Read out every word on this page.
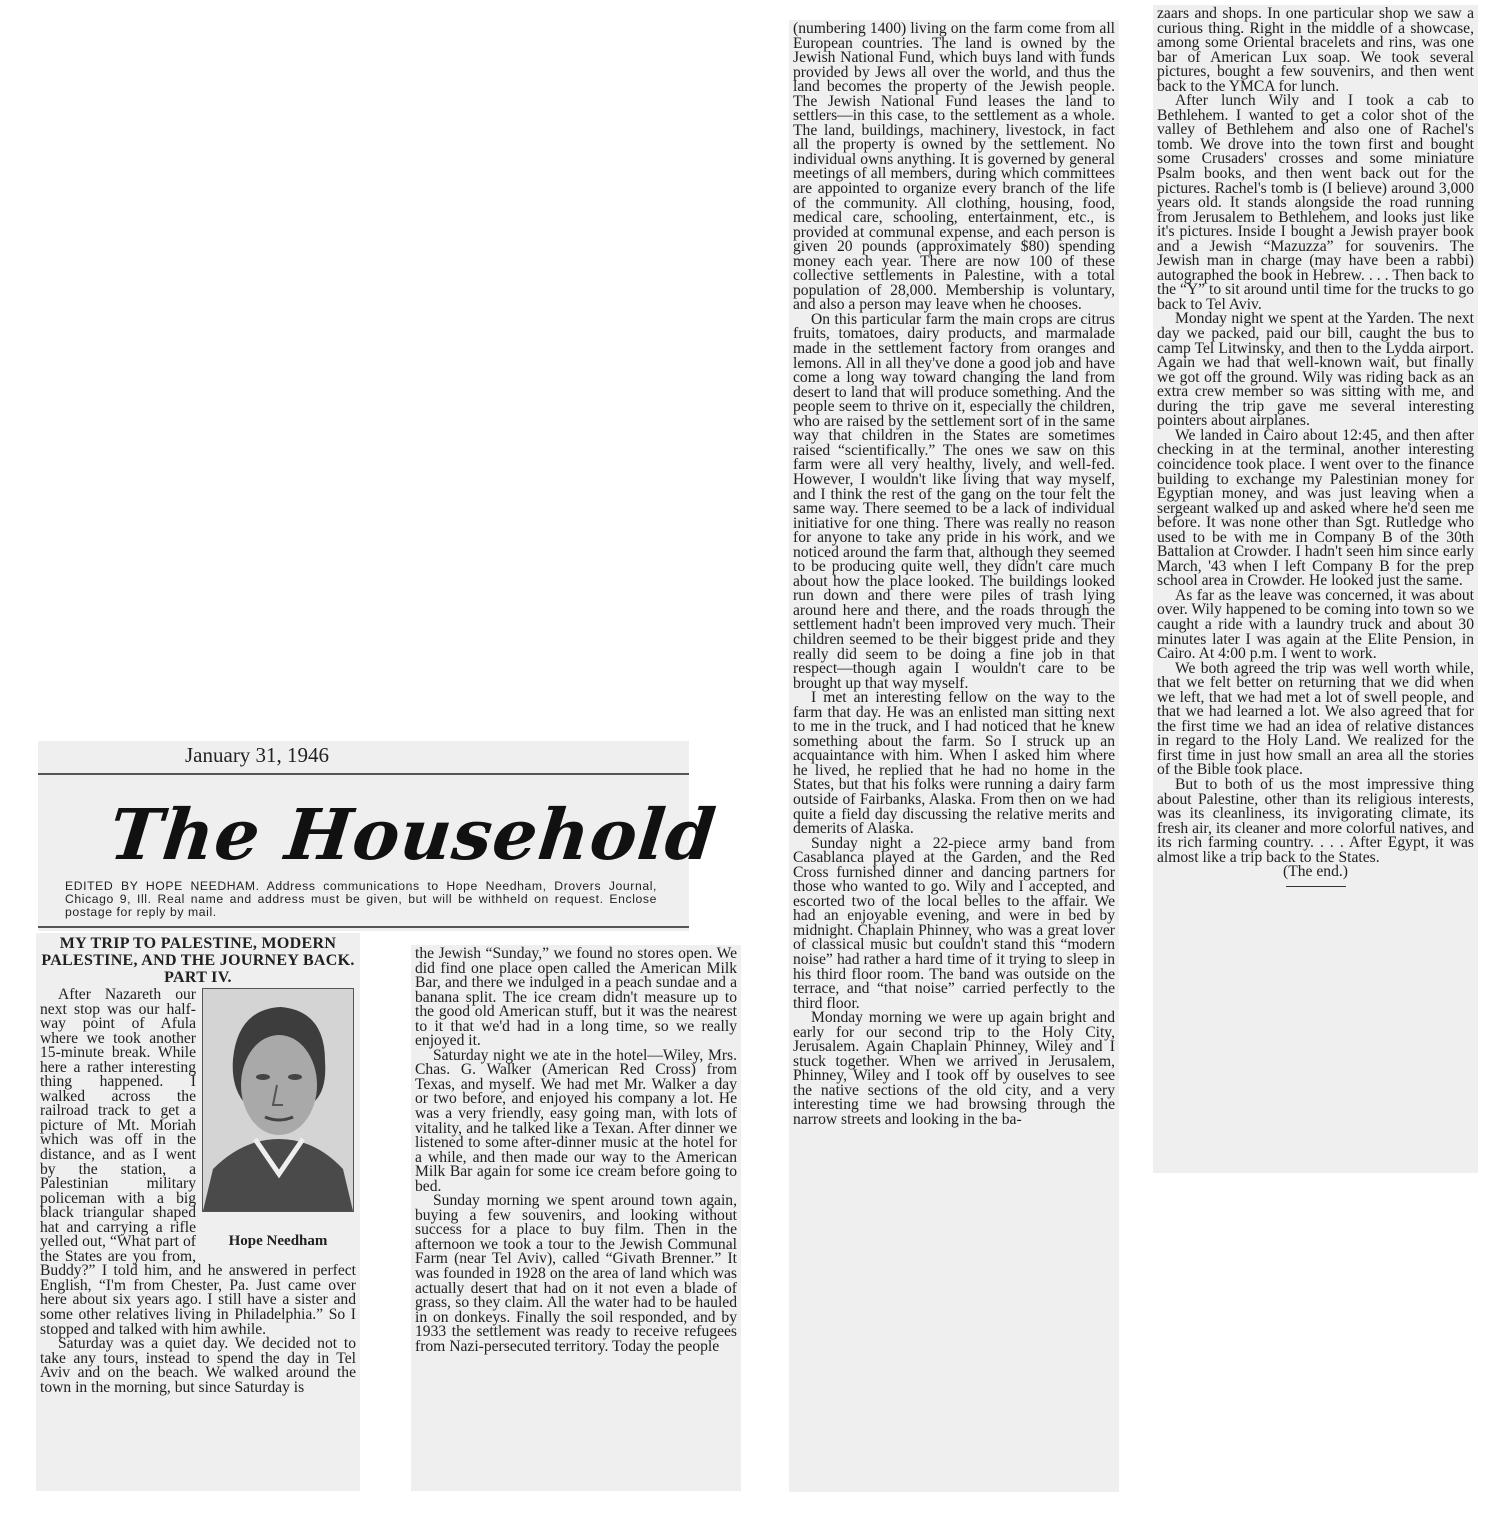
January 31, 1946
The Household
EDITED BY HOPE NEEDHAM. Address communications to Hope Needham, Drovers Journal, Chicago 9, Ill. Real name and address must be given, but will be withheld on request. Enclose postage for reply by mail.
MY TRIP TO PALESTINE, MODERN PALESTINE, AND THE JOURNEY BACK. PART IV.
Hope Needham

After Nazareth our next stop was our half-way point of Afula where we took another 15-minute break. While here a rather interesting thing happened. I walked across the railroad track to get a picture of Mt. Moriah which was off in the distance, and as I went by the station, a Palestinian military policeman with a big black triangular shaped hat and carrying a rifle yelled out, “What part of the States are you from, Buddy?” I told him, and he answered in perfect English, “I'm from Chester, Pa. Just came over here about six years ago. I still have a sister and some other relatives living in Philadelphia.” So I stopped and talked with him awhile.

Saturday was a quiet day. We decided not to take any tours, instead to spend the day in Tel Aviv and on the beach. We walked around the town in the morning, but since Saturday is

the Jewish “Sunday,” we found no stores open. We did find one place open called the American Milk Bar, and there we indulged in a peach sundae and a banana split. The ice cream didn't measure up to the good old American stuff, but it was the nearest to it that we'd had in a long time, so we really enjoyed it.

Saturday night we ate in the hotel—Wiley, Mrs. Chas. G. Walker (American Red Cross) from Texas, and myself. We had met Mr. Walker a day or two before, and enjoyed his company a lot. He was a very friendly, easy going man, with lots of vitality, and he talked like a Texan. After dinner we listened to some after-dinner music at the hotel for a while, and then made our way to the American Milk Bar again for some ice cream before going to bed.

Sunday morning we spent around town again, buying a few souvenirs, and looking without success for a place to buy film. Then in the afternoon we took a tour to the Jewish Communal Farm (near Tel Aviv), called “Givath Brenner.” It was founded in 1928 on the area of land which was actually desert that had on it not even a blade of grass, so they claim. All the water had to be hauled in on donkeys. Finally the soil responded, and by 1933 the settlement was ready to receive refugees from Nazi-persecuted territory. Today the people

(numbering 1400) living on the farm come from all European countries. The land is owned by the Jewish National Fund, which buys land with funds provided by Jews all over the world, and thus the land becomes the property of the Jewish people. The Jewish National Fund leases the land to settlers—in this case, to the settlement as a whole. The land, buildings, machinery, livestock, in fact all the property is owned by the settlement. No individual owns anything. It is governed by general meetings of all members, during which committees are appointed to organize every branch of the life of the community. All clothing, housing, food, medical care, schooling, entertainment, etc., is provided at communal expense, and each person is given 20 pounds (approximately $80) spending money each year. There are now 100 of these collective settlements in Palestine, with a total population of 28,000. Membership is voluntary, and also a person may leave when he chooses.

On this particular farm the main crops are citrus fruits, tomatoes, dairy products, and marmalade made in the settlement factory from oranges and lemons. All in all they've done a good job and have come a long way toward changing the land from desert to land that will produce something. And the people seem to thrive on it, especially the children, who are raised by the settlement sort of in the same way that children in the States are sometimes raised “scientifically.” The ones we saw on this farm were all very healthy, lively, and well-fed. However, I wouldn't like living that way myself, and I think the rest of the gang on the tour felt the same way. There seemed to be a lack of individual initiative for one thing. There was really no reason for anyone to take any pride in his work, and we noticed around the farm that, although they seemed to be producing quite well, they didn't care much about how the place looked. The buildings looked run down and there were piles of trash lying around here and there, and the roads through the settlement hadn't been improved very much. Their children seemed to be their biggest pride and they really did seem to be doing a fine job in that respect—though again I wouldn't care to be brought up that way myself.

I met an interesting fellow on the way to the farm that day. He was an enlisted man sitting next to me in the truck, and I had noticed that he knew something about the farm. So I struck up an acquaintance with him. When I asked him where he lived, he replied that he had no home in the States, but that his folks were running a dairy farm outside of Fairbanks, Alaska. From then on we had quite a field day discussing the relative merits and demerits of Alaska.

Sunday night a 22-piece army band from Casablanca played at the Garden, and the Red Cross furnished dinner and dancing partners for those who wanted to go. Wily and I accepted, and escorted two of the local belles to the affair. We had an enjoyable evening, and were in bed by midnight. Chaplain Phinney, who was a great lover of classical music but couldn't stand this “modern noise” had rather a hard time of it trying to sleep in his third floor room. The band was outside on the terrace, and “that noise” carried perfectly to the third floor.

Monday morning we were up again bright and early for our second trip to the Holy City, Jerusalem. Again Chaplain Phinney, Wiley and I stuck together. When we arrived in Jerusalem, Phinney, Wiley and I took off by ouselves to see the native sections of the old city, and a very interesting time we had browsing through the narrow streets and looking in the ba-

zaars and shops. In one particular shop we saw a curious thing. Right in the middle of a showcase, among some Oriental bracelets and rins, was one bar of American Lux soap. We took several pictures, bought a few souvenirs, and then went back to the YMCA for lunch.

After lunch Wily and I took a cab to Bethlehem. I wanted to get a color shot of the valley of Bethlehem and also one of Rachel's tomb. We drove into the town first and bought some Crusaders' crosses and some miniature Psalm books, and then went back out for the pictures. Rachel's tomb is (I believe) around 3,000 years old. It stands alongside the road running from Jerusalem to Bethlehem, and looks just like it's pictures. Inside I bought a Jewish prayer book and a Jewish “Mazuzza” for souvenirs. The Jewish man in charge (may have been a rabbi) autographed the book in Hebrew. . . . Then back to the “Y” to sit around until time for the trucks to go back to Tel Aviv.

Monday night we spent at the Yarden. The next day we packed, paid our bill, caught the bus to camp Tel Litwinsky, and then to the Lydda airport. Again we had that well-known wait, but finally we got off the ground. Wily was riding back as an extra crew member so was sitting with me, and during the trip gave me several interesting pointers about airplanes.

We landed in Cairo about 12:45, and then after checking in at the terminal, another interesting coincidence took place. I went over to the finance building to exchange my Palestinian money for Egyptian money, and was just leaving when a sergeant walked up and asked where he'd seen me before. It was none other than Sgt. Rutledge who used to be with me in Company B of the 30th Battalion at Crowder. I hadn't seen him since early March, '43 when I left Company B for the prep school area in Crowder. He looked just the same.

As far as the leave was concerned, it was about over. Wily happened to be coming into town so we caught a ride with a laundry truck and about 30 minutes later I was again at the Elite Pension, in Cairo. At 4:00 p.m. I went to work.

We both agreed the trip was well worth while, that we felt better on returning that we did when we left, that we had met a lot of swell people, and that we had learned a lot. We also agreed that for the first time we had an idea of relative distances in regard to the Holy Land. We realized for the first time in just how small an area all the stories of the Bible took place.

But to both of us the most impressive thing about Palestine, other than its religious interests, was its cleanliness, its invigorating climate, its fresh air, its cleaner and more colorful natives, and its rich farming country. . . . After Egypt, it was almost like a trip back to the States.

(The end.)
